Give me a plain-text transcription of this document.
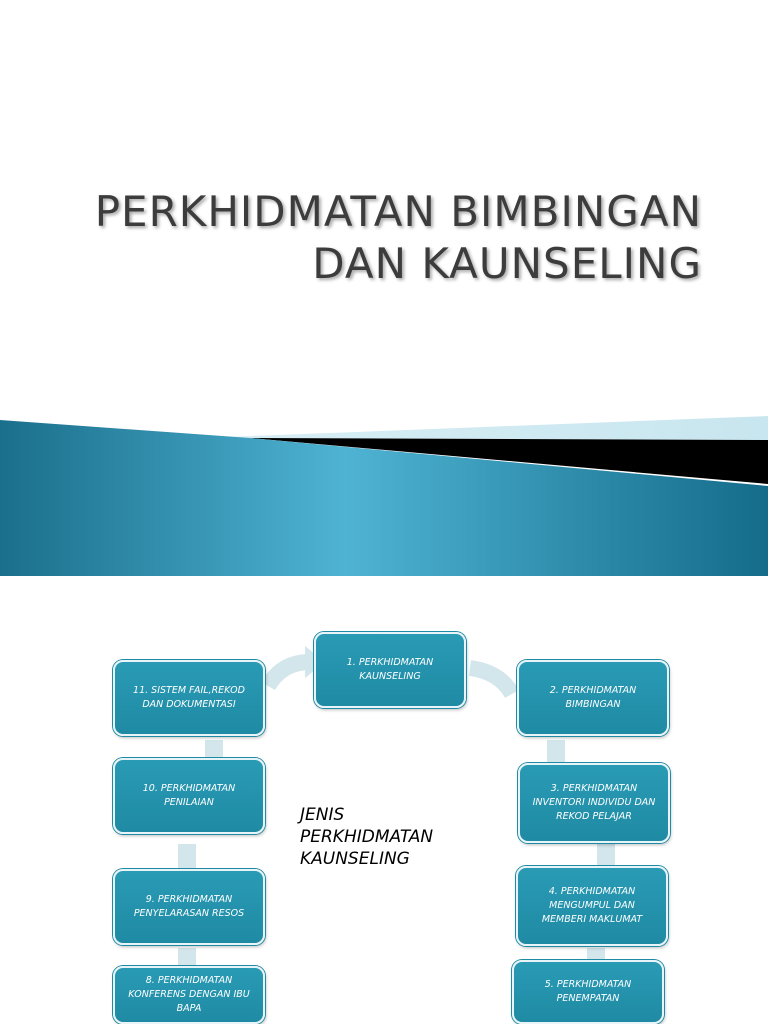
PERKHIDMATAN BIMBINGAN
DAN KAUNSELING
1. PERKHIDMATAN KAUNSELING
2. PERKHIDMATAN BIMBINGAN
3. PERKHIDMATAN INVENTORI INDIVIDU DAN REKOD PELAJAR
4. PERKHIDMATAN MENGUMPUL DAN MEMBERI MAKLUMAT
5. PERKHIDMATAN PENEMPATAN
8. PERKHIDMATAN KONFERENS DENGAN IBU BAPA
9. PERKHIDMATAN PENYELARASAN RESOS
10. PERKHIDMATAN PENILAIAN
11. SISTEM FAIL,REKOD DAN DOKUMENTASI
JENIS
PERKHIDMATAN
KAUNSELING
